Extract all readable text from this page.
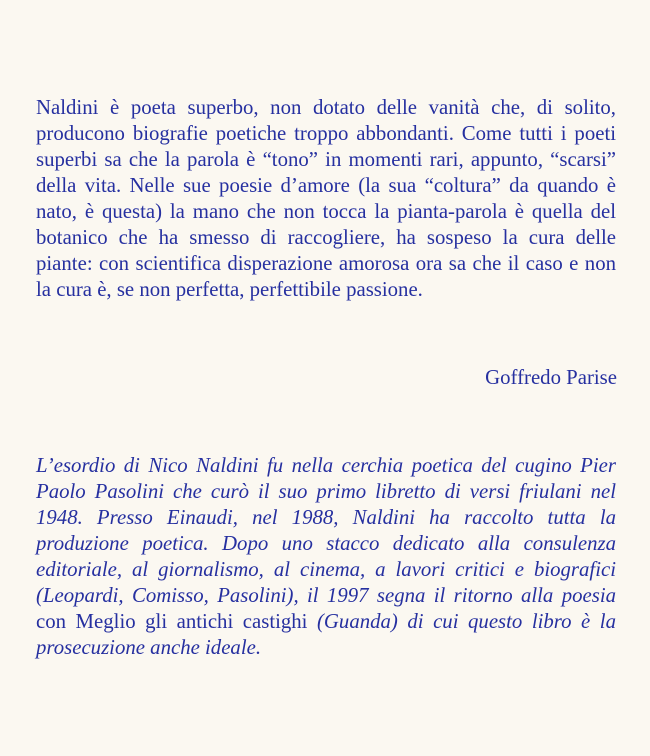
Naldini è poeta superbo, non dotato delle vanità che, di solito, producono biografie poetiche troppo abbondanti. Come tutti i poeti superbi sa che la parola è “tono” in momenti rari, appunto, “scarsi” della vita. Nelle sue poesie d’amore (la sua “coltura” da quando è nato, è questa) la mano che non tocca la pianta-parola è quella del botanico che ha smesso di raccogliere, ha sospeso la cura delle piante: con scientifica disperazione amorosa ora sa che il caso e non la cura è, se non perfetta, perfettibile passione.

Goffredo Parise

L’esordio di Nico Naldini fu nella cerchia poetica del cugino Pier Paolo Pasolini che curò il suo primo libretto di versi friulani nel 1948. Presso Einaudi, nel 1988, Naldini ha raccolto tutta la produzione poetica. Dopo uno stacco dedicato alla consulenza editoriale, al giornalismo, al cinema, a lavori critici e biografici (Leopardi, Comisso, Pasolini), il 1997 segna il ritorno alla poesia con Meglio gli antichi castighi (Guanda) di cui questo libro è la prosecuzione anche ideale.
